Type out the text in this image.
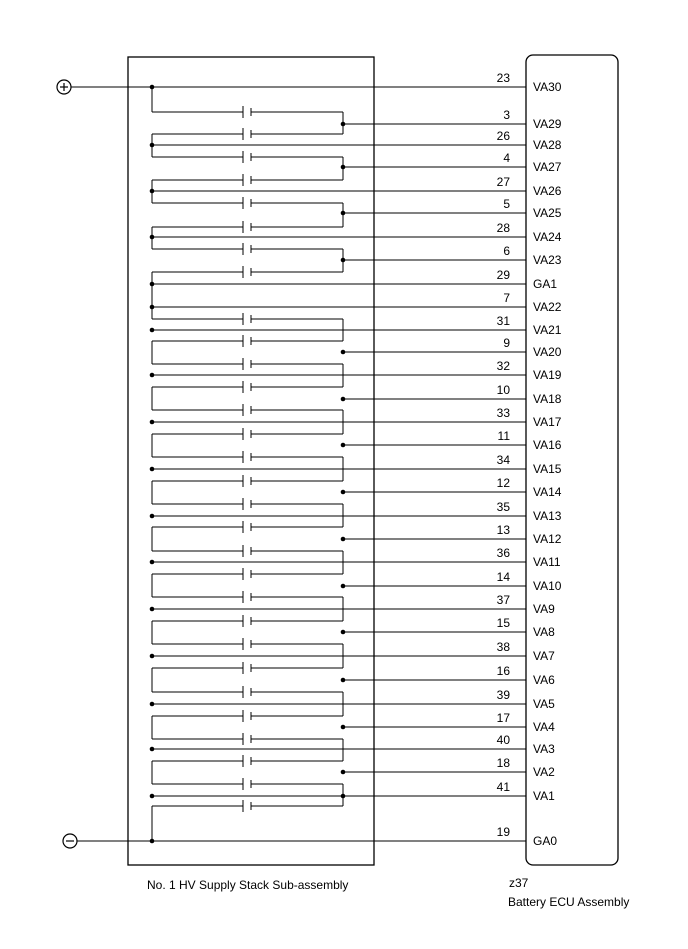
23
VA30
3
VA29
26
VA28
4
VA27
27
VA26
5
VA25
28
VA24
6
VA23
29
GA1
7
VA22
31
VA21
9
VA20
32
VA19
10
VA18
33
VA17
11
VA16
34
VA15
12
VA14
35
VA13
13
VA12
36
VA11
14
VA10
37
VA9
15
VA8
38
VA7
16
VA6
39
VA5
17
VA4
40
VA3
18
VA2
41
VA1
19
GA0
No. 1 HV Supply Stack Sub-assembly	z37
Battery ECU Assembly
